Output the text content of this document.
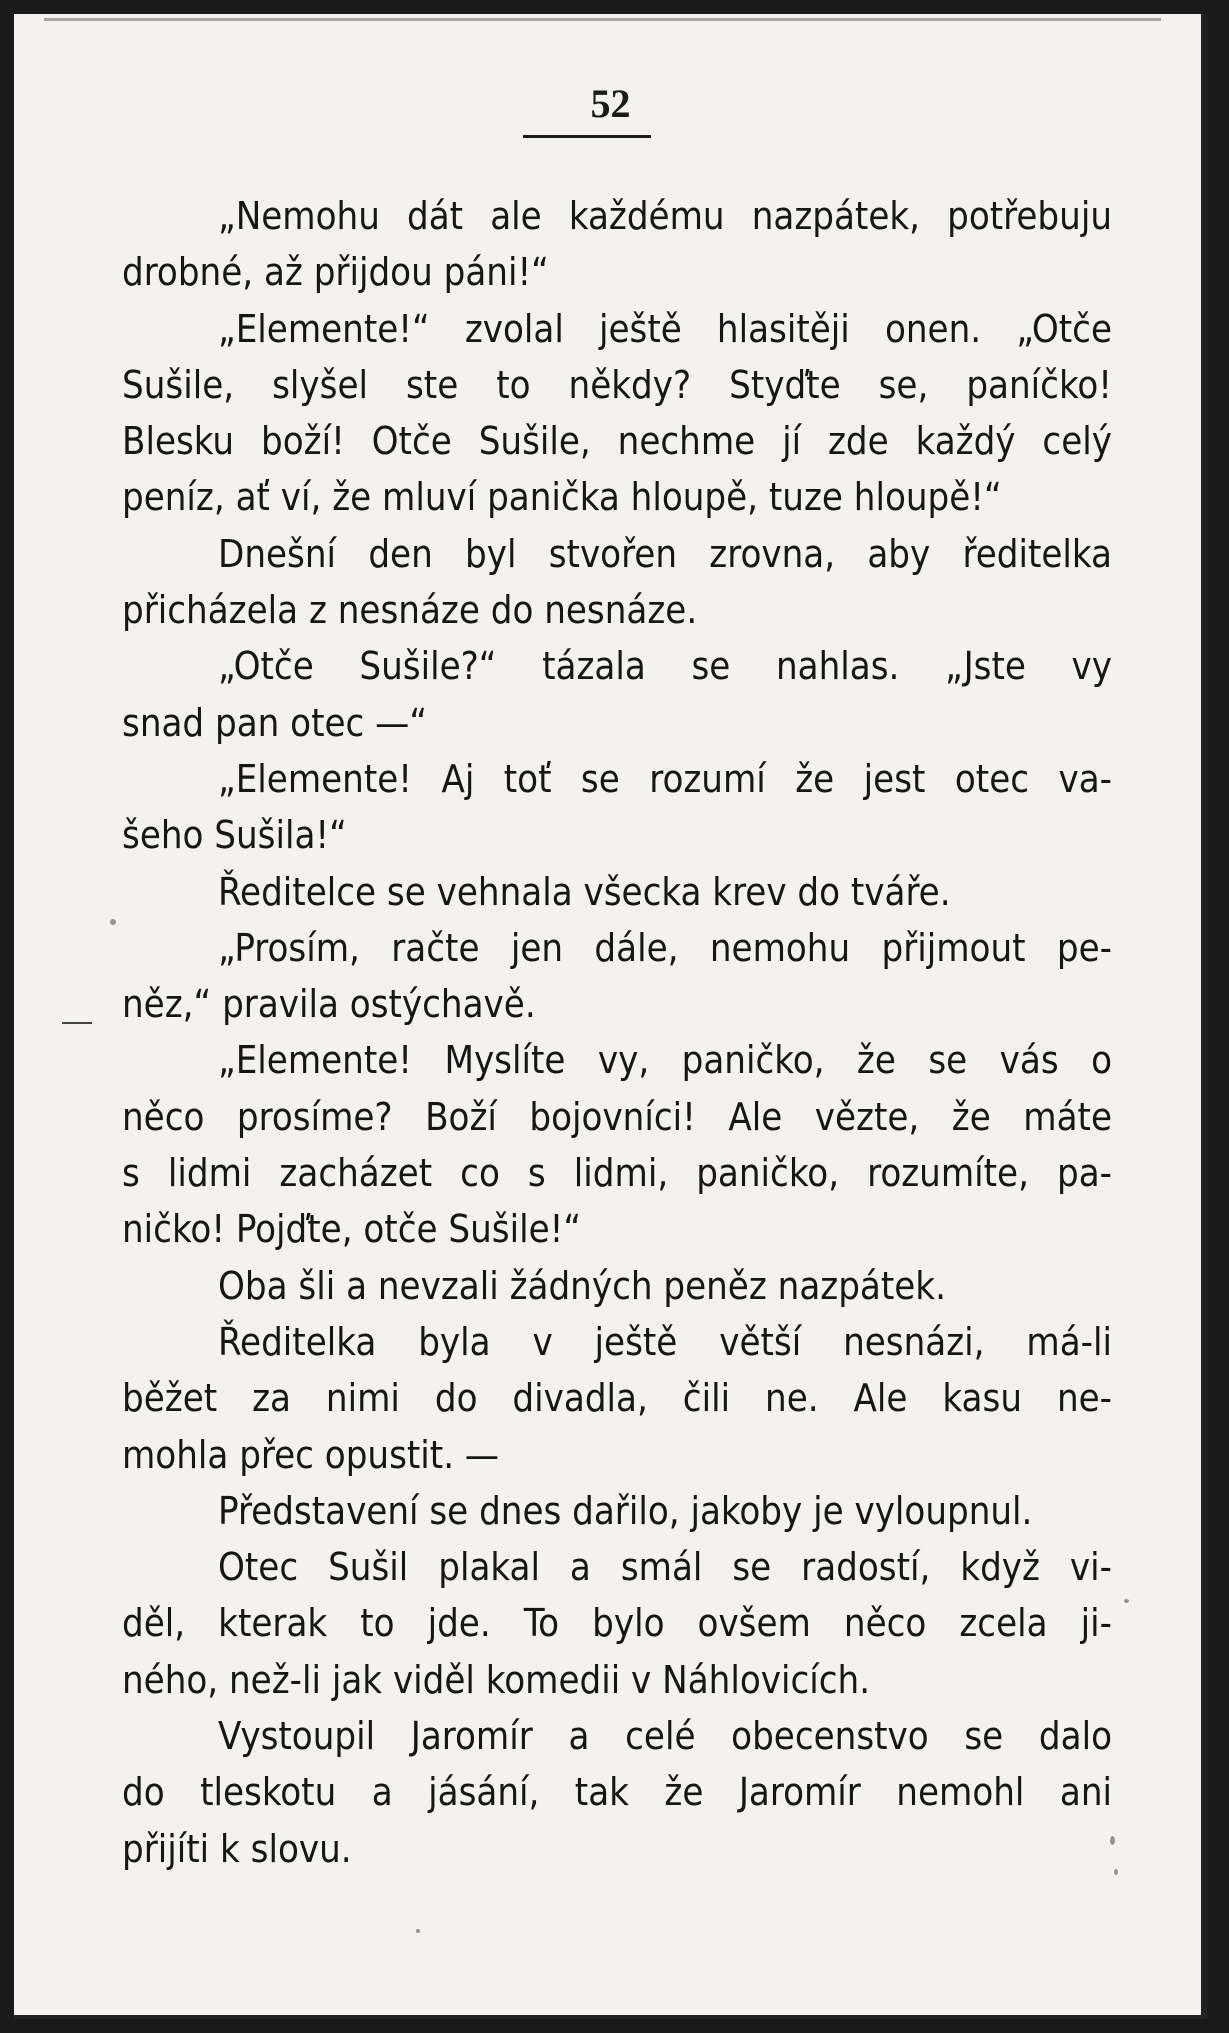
52
„Nemohu dát ale každému nazpátek, potřebuju
drobné, až přijdou páni!“
„Elemente!“ zvolal ještě hlasitěji onen. „Otče
Sušile, slyšel ste to někdy? Styďte se, paníčko!
Blesku boží! Otče Sušile, nechme jí zde každý celý
peníz, ať ví, že mluví panička hloupě, tuze hloupě!“
Dnešní den byl stvořen zrovna, aby ředitelka
přicházela z nesnáze do nesnáze.
„Otče Sušile?“ tázala se nahlas. „Jste vy
snad pan otec —“
„Elemente! Aj toť se rozumí že jest otec va-
šeho Sušila!“
Ředitelce se vehnala všecka krev do tváře.
„Prosím, račte jen dále, nemohu přijmout pe-
něz,“ pravila ostýchavě.
„Elemente! Myslíte vy, paničko, že se vás o
něco prosíme? Boží bojovníci! Ale vězte, že máte
s lidmi zacházet co s lidmi, paničko, rozumíte, pa-
ničko! Pojďte, otče Sušile!“
Oba šli a nevzali žádných peněz nazpátek.
Ředitelka byla v ještě větší nesnázi, má-li
běžet za nimi do divadla, čili ne. Ale kasu ne-
mohla přec opustit. —
Představení se dnes dařilo, jakoby je vyloupnul.
Otec Sušil plakal a smál se radostí, když vi-
děl, kterak to jde. To bylo ovšem něco zcela ji-
ného, než-li jak viděl komedii v Náhlovicích.
Vystoupil Jaromír a celé obecenstvo se dalo
do tleskotu a jásání, tak že Jaromír nemohl ani
přijíti k slovu.
